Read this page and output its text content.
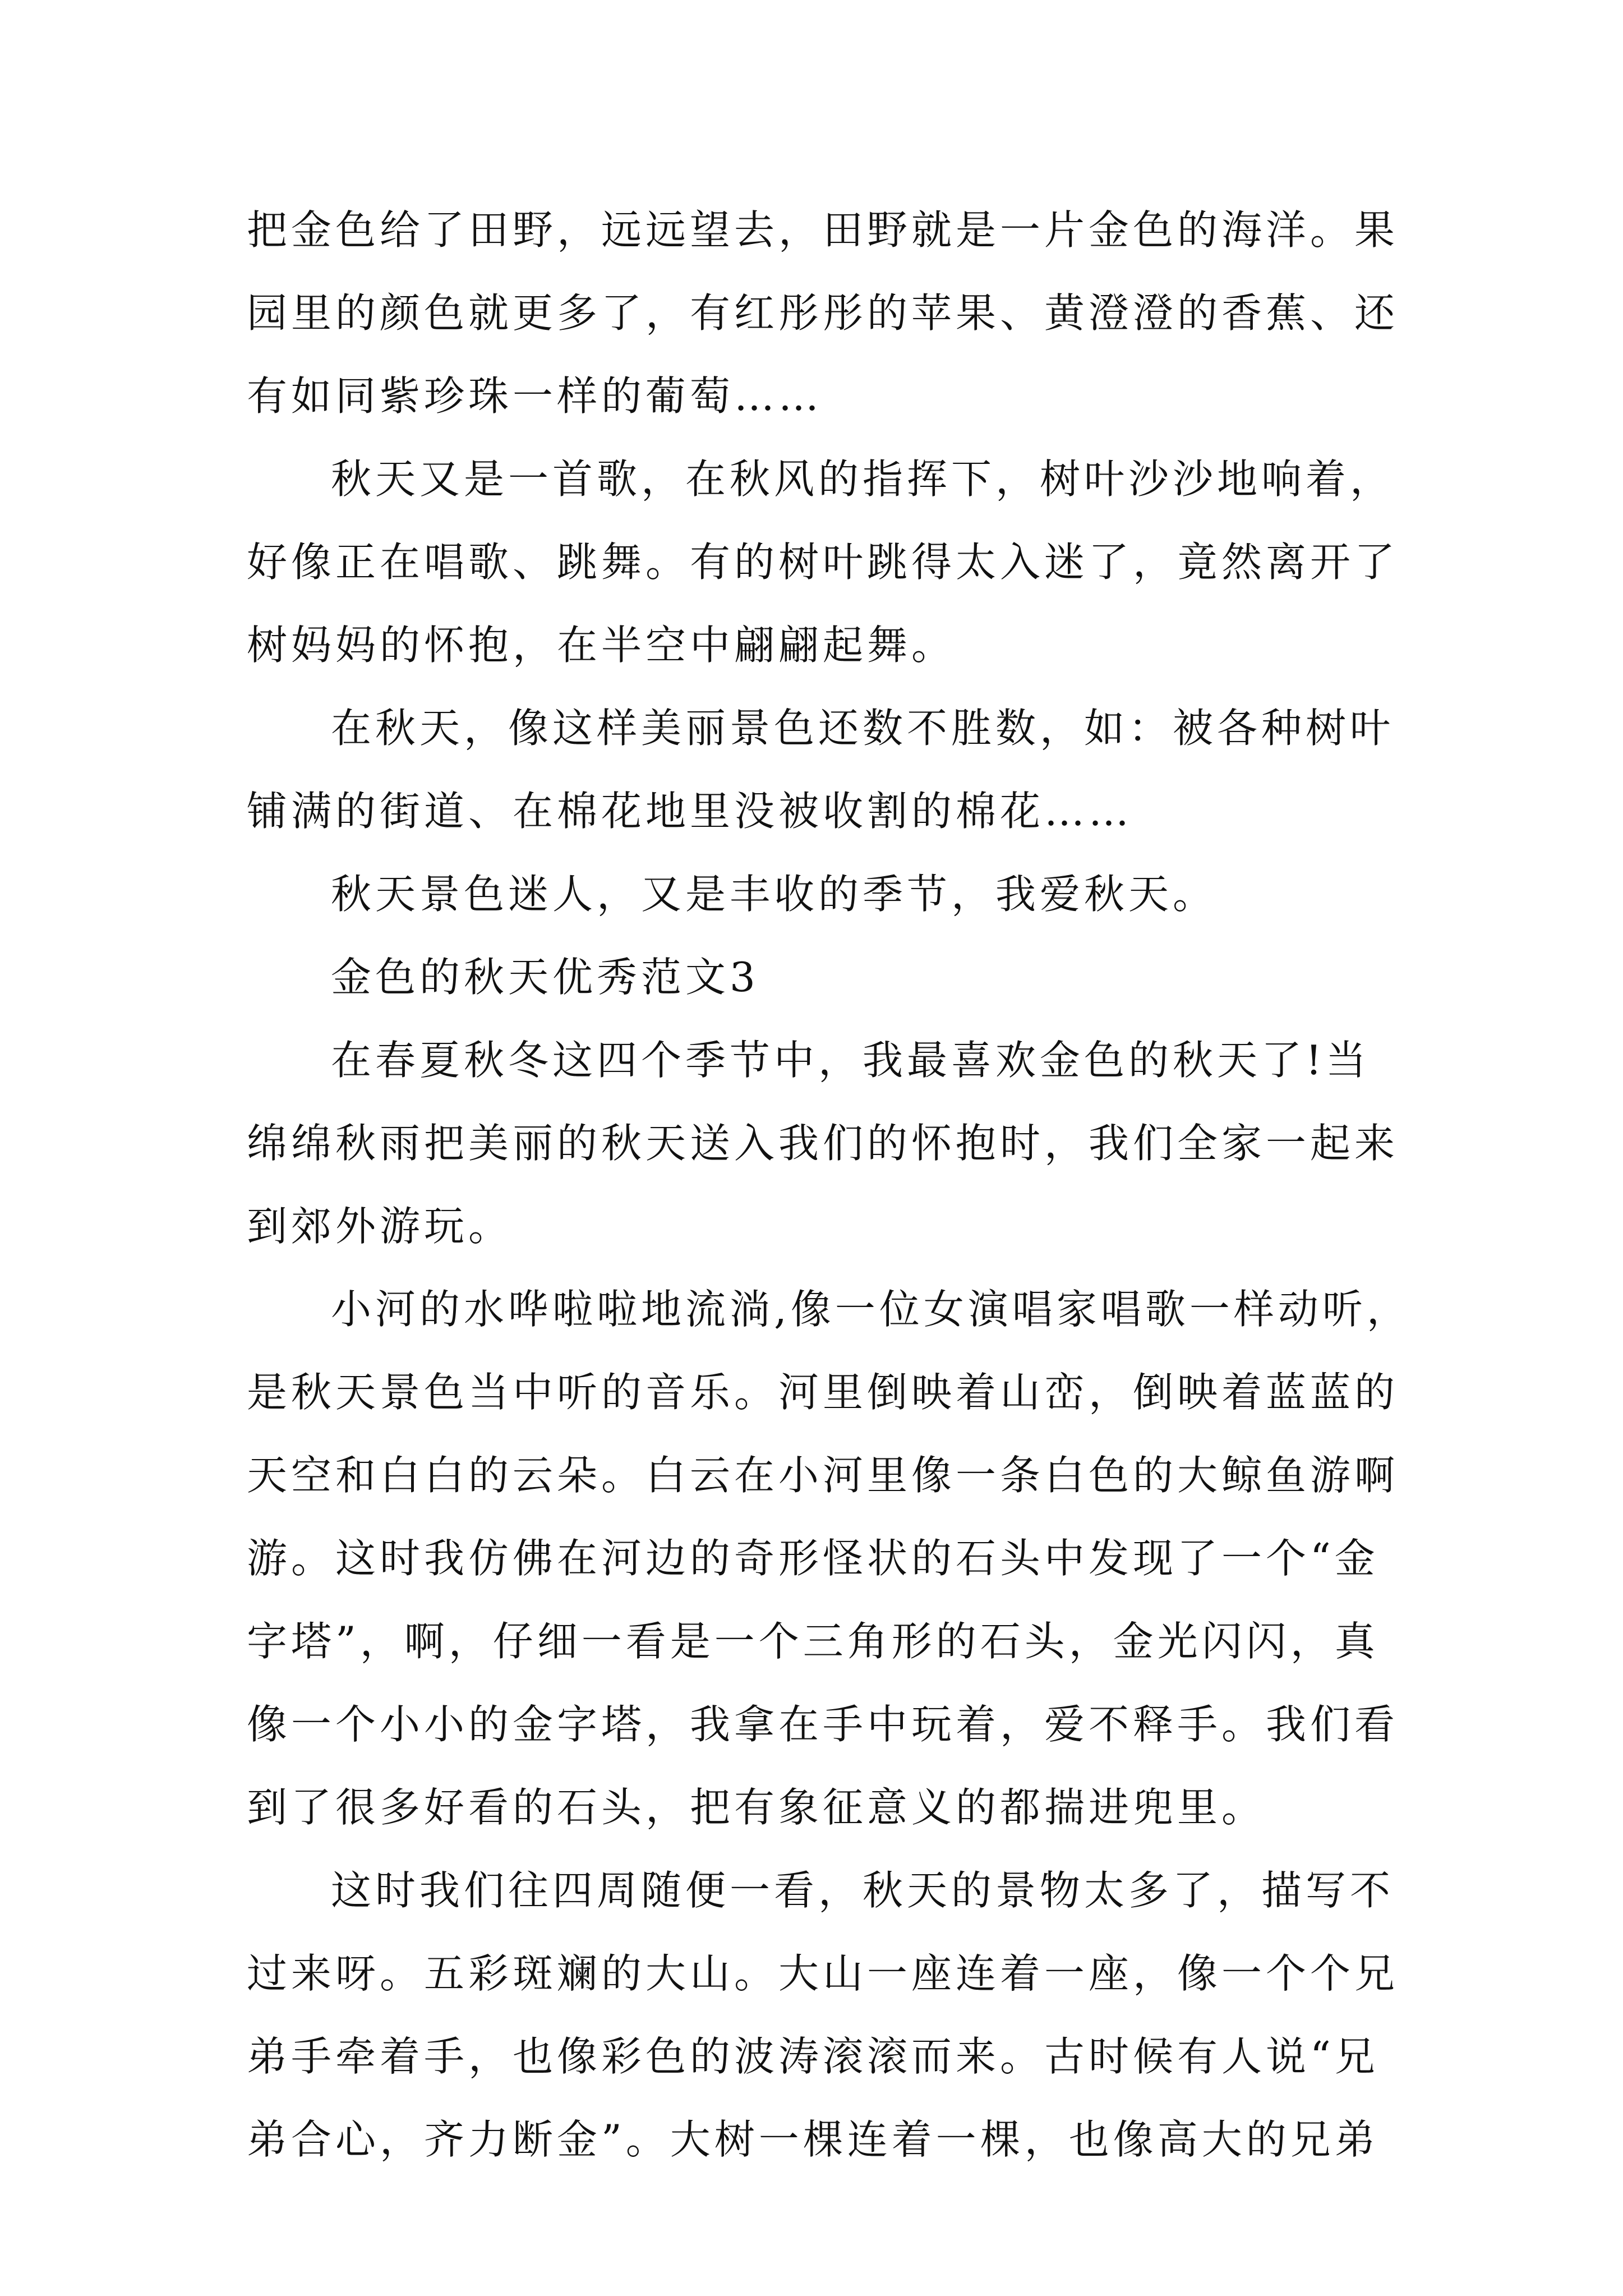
把金色给了田野，远远望去，田野就是一片金色的海洋。果
园里的颜色就更多了，有红彤彤的苹果、黄澄澄的香蕉、还
有如同紫珍珠一样的葡萄……
秋天又是一首歌，在秋风的指挥下，树叶沙沙地响着，
好像正在唱歌、跳舞。有的树叶跳得太入迷了，竟然离开了
树妈妈的怀抱，在半空中翩翩起舞。
在秋天，像这样美丽景色还数不胜数，如：被各种树叶
铺满的街道、在棉花地里没被收割的棉花……
秋天景色迷人，又是丰收的季节，我爱秋天。
金色的秋天优秀范文3
在春夏秋冬这四个季节中，我最喜欢金色的秋天了!当
绵绵秋雨把美丽的秋天送入我们的怀抱时，我们全家一起来
到郊外游玩。
小河的水哗啦啦地流淌,像一位女演唱家唱歌一样动听，
是秋天景色当中听的音乐。河里倒映着山峦，倒映着蓝蓝的
天空和白白的云朵。白云在小河里像一条白色的大鲸鱼游啊
游。这时我仿佛在河边的奇形怪状的石头中发现了一个“金
字塔”，啊，仔细一看是一个三角形的石头，金光闪闪，真
像一个小小的金字塔，我拿在手中玩着，爱不释手。我们看
到了很多好看的石头，把有象征意义的都揣进兜里。
这时我们往四周随便一看，秋天的景物太多了，描写不
过来呀。五彩斑斓的大山。大山一座连着一座，像一个个兄
弟手牵着手，也像彩色的波涛滚滚而来。古时候有人说“兄
弟合心，齐力断金”。大树一棵连着一棵，也像高大的兄弟
